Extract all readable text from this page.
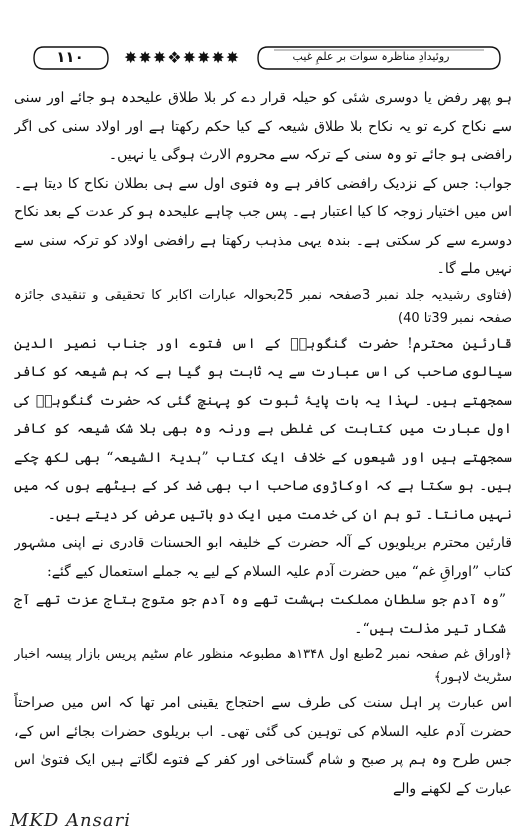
روئیدادِ مناظرہ سوات بر علمِ غیب
۱۱۰	✸✸✸❖✸✸✸✸

ہو پھر رفض یا دوسری شئی کو حیلہ قرار دے کر بلا طلاق علیحدہ ہو جائے اور سنی سے نکاح کرے تو یہ نکاح بلا طلاق شیعہ کے کیا حکم رکھتا ہے اور اولاد سنی کی اگر رافضی ہو جائے تو وہ سنی کے ترکہ سے محروم الارث ہوگی یا نہیں۔

جواب: جس کے نزدیک رافضی کافر ہے وہ فتوی اول سے ہی بطلان نکاح کا دیتا ہے۔ اس میں اختیار زوجہ کا کیا اعتبار ہے۔ پس جب چاہے علیحدہ ہو کر عدت کے بعد نکاح دوسرے سے کر سکتی ہے۔ بندہ یہی مذہب رکھتا ہے رافضی اولاد کو ترکہ سنی سے نہیں ملے گا۔

(فتاوی رشیدیہ جلد نمبر 3صفحہ نمبر 25بحوالہ عبارات اکابر کا تحقیقی و تنقیدی جائزہ صفحہ نمبر 39تا 40)

قارئین محترم! حضرت گنگوہیؒ کے اس فتوے اور جناب نصیر الدین سیالوی صاحب کی اس عبارت سے یہ ثابت ہو گیا ہے کہ ہم شیعہ کو کافر سمجھتے ہیں۔ لہذا یہ بات پایۂ ثبوت کو پہنچ گئی کہ حضرت گنگوہیؒ کی اول عبارت میں کتابت کی غلطی ہے ورنہ وہ بھی بلا شک شیعہ کو کافر سمجھتے ہیں اور شیعوں کے خلاف ایک کتاب ”ہدیۃ الشیعہ“ بھی لکھ چکے ہیں۔ ہو سکتا ہے کہ اوکاڑوی صاحب اب بھی ضد کر کے بیٹھے ہوں کہ میں نہیں مانتا۔ تو ہم ان کی خدمت میں ایک دو باتیں عرض کر دیتے ہیں۔

قارئین محترم بریلویوں کے آلہ حضرت کے خلیفہ ابو الحسنات قادری نے اپنی مشہور کتاب ”اوراقِ غم“ میں حضرت آدم علیہ السلام کے لیے یہ جملے استعمال کیے گئے:

”وہ آدم جو سلطان مملکت بہشت تھے وہ آدم جو متوج بتاج عزت تھے آج شکار تیر مذلت ہیں“۔

﴿اوراق غم صفحہ نمبر 2طبع اول ۱۳۴۸ھ مطبوعہ منظور عام سٹیم پریس بازار پیسہ اخبار سٹریٹ لاہور﴾

اس عبارت پر اہل سنت کی طرف سے احتجاج یقینی امر تھا کہ اس میں صراحتاً حضرت آدم علیہ السلام کی توہین کی گئی تھی۔ اب بریلوی حضرات بجائے اس کے، جس طرح وہ ہم پر صبح و شام گستاخی اور کفر کے فتوے لگاتے ہیں ایک فتویٰ اس عبارت کے لکھنے والے

MKD Ansari
